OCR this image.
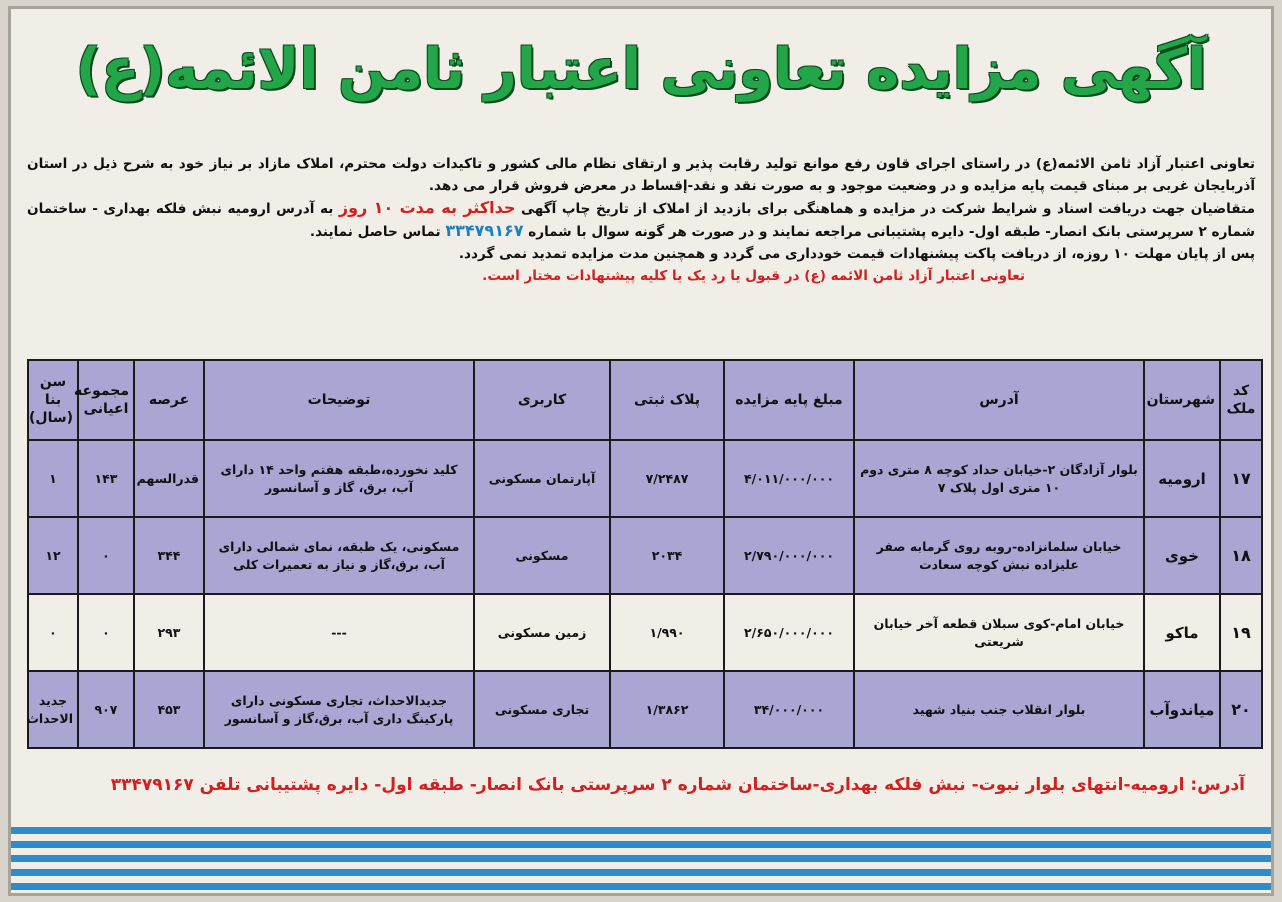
آگهی مزایده تعاونی اعتبار ثامن الائمه(ع)

تعاونی اعتبار آزاد ثامن الائمه(ع) در راستای اجرای قاون رفع موانع تولید رقابت پذیر و ارتقای نظام مالی کشور و تاکیدات دولت محترم، املاک مازاد بر نیاز خود به شرح ذیل در استان آذربایجان غربی بر مبنای قیمت پایه مزایده و در وضعیت موجود و به صورت نقد و نقد-إقساط در معرض فروش قرار می دهد.

متقاضیان جهت دریافت اسناد و شرایط شرکت در مزایده و هماهنگی برای بازدید از املاک از تاریخ چاپ آگهی حداکثر به مدت ۱۰ روز به آدرس ارومیه نبش فلکه بهداری - ساختمان شماره ۲ سرپرستی بانک انصار- طبقه اول- دایره پشتیبانی مراجعه نمایند و در صورت هر گونه سوال با شماره ۳۳۴۷۹۱۶۷ تماس حاصل نمایند.

پس از پایان مهلت ۱۰ روزه، از دریافت پاکت پیشنهادات قیمت خودداری می گردد و همچنین مدت مزایده تمدید نمی گردد.

تعاونی اعتبار آزاد ثامن الائمه (ع) در قبول یا رد یک یا کلیه پیشنهادات مختار است.

کد ملک	شهرستان	آدرس	مبلغ پایه مزایده	پلاک ثبتی	کاربری	توضیحات	عرصه	مجموعه اعیانی	سن بنا (سال)
۱۷	ارومیه	بلوار آزادگان ۲-خیابان حداد کوچه ۸ متری دوم ۱۰ متری اول پلاک ۷	۴/۰۱۱/۰۰۰/۰۰۰	۷/۲۴۸۷	آپارتمان مسکونی	کلید نخورده،طبقه هفتم واحد ۱۴ دارای آب، برق، گاز و آسانسور	قدرالسهم	۱۴۳	۱
۱۸	خوی	خیابان سلمانزاده-روبه روی گرمابه صفر علیزاده نبش کوچه سعادت	۲/۷۹۰/۰۰۰/۰۰۰	۲۰۳۴	مسکونی	مسکونی، یک طبقه، نمای شمالی دارای آب، برق،گاز و نیاز به تعمیرات کلی	۳۴۴	۰	۱۲
۱۹	ماکو	خیابان امام-کوی سبلان قطعه آخر خیابان شریعتی	۲/۶۵۰/۰۰۰/۰۰۰	۱/۹۹۰	زمین مسکونی	---	۲۹۳	۰	۰
۲۰	میاندوآب	بلوار انقلاب جنب بنیاد شهید	۳۴/۰۰۰/۰۰۰	۱/۳۸۶۲	تجاری مسکونی	جدیدالاحداث، تجاری مسکونی دارای پارکینگ داری آب، برق،گاز و آسانسور	۴۵۳	۹۰۷	جدید الاحداث
آدرس: ارومیه-انتهای بلوار نبوت- نبش فلکه بهداری-ساختمان شماره ۲ سرپرستی بانک انصار- طبقه اول- دایره پشتیبانی تلفن ۳۳۴۷۹۱۶۷
